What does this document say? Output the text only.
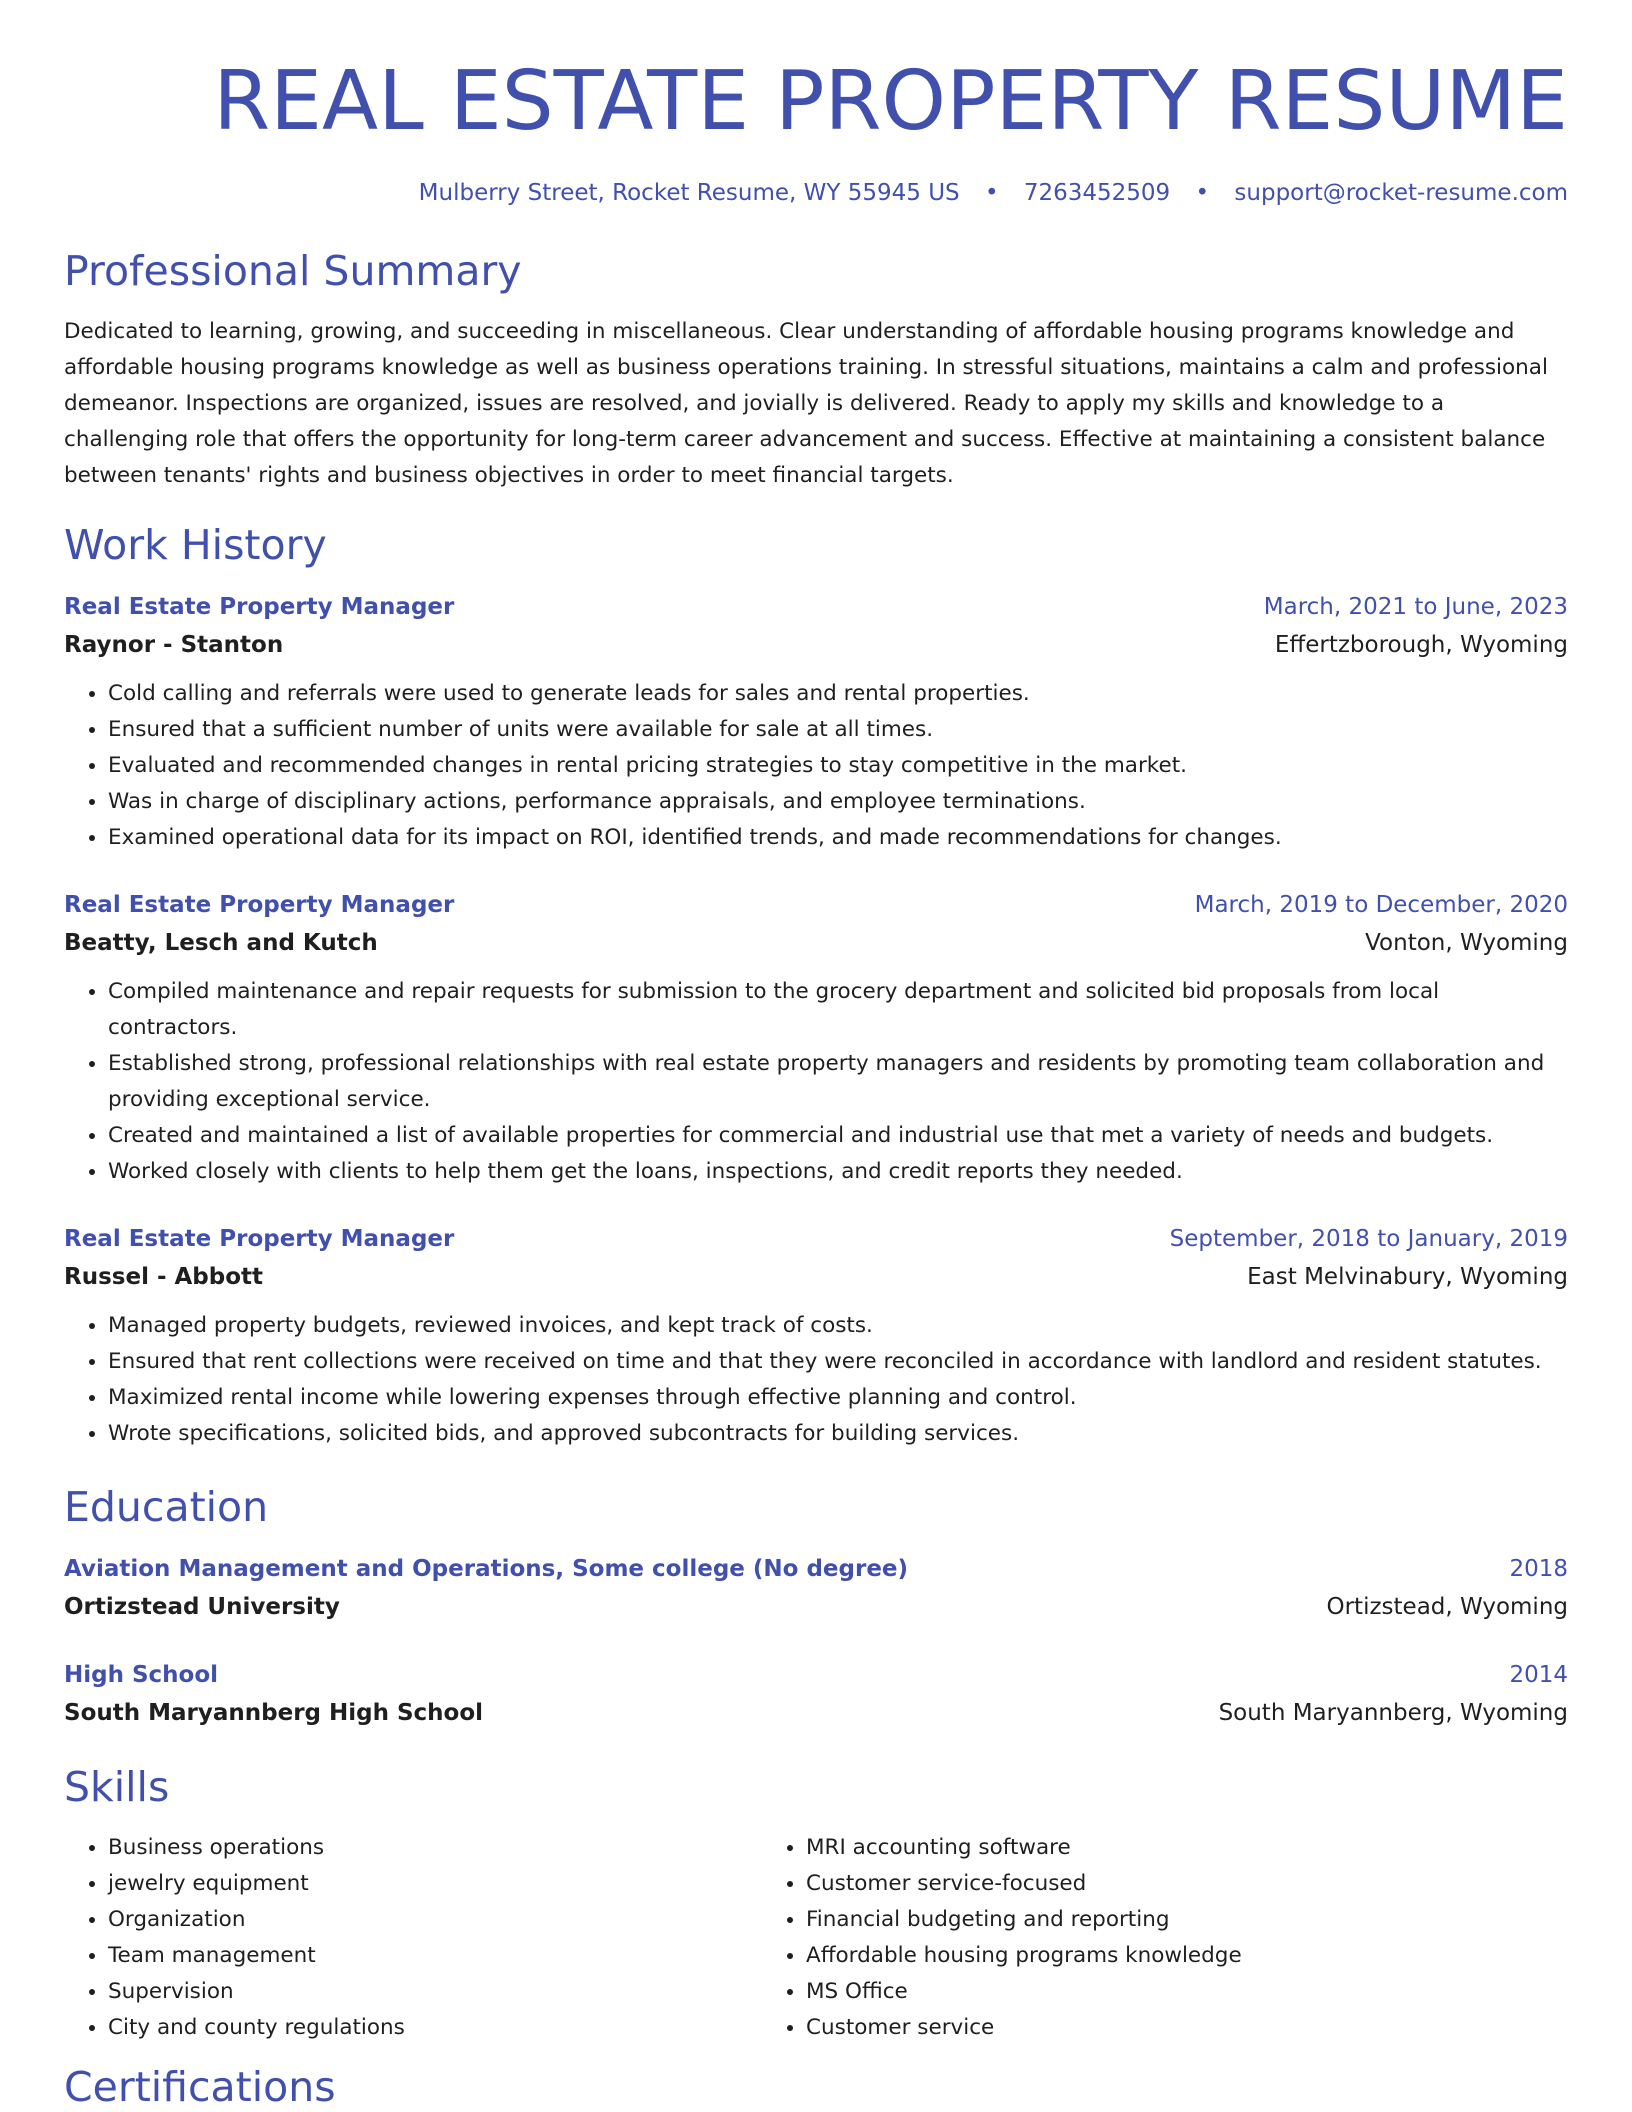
REAL ESTATE PROPERTY RESUME
Mulberry Street, Rocket Resume, WY 55945 US • 7263452509 • support@rocket-resume.com
Professional Summary
Dedicated to learning, growing, and succeeding in miscellaneous. Clear understanding of affordable housing programs knowledge and affordable housing programs knowledge as well as business operations training. In stressful situations, maintains a calm and professional demeanor. Inspections are organized, issues are resolved, and jovially is delivered. Ready to apply my skills and knowledge to a challenging role that offers the opportunity for long-term career advancement and success. Effective at maintaining a consistent balance between tenants' rights and business objectives in order to meet financial targets.
Work History
Real Estate Property Manager	March, 2021 to June, 2023
Raynor - Stanton	Effertzborough, Wyoming
• Cold calling and referrals were used to generate leads for sales and rental properties.
• Ensured that a sufficient number of units were available for sale at all times.
• Evaluated and recommended changes in rental pricing strategies to stay competitive in the market.
• Was in charge of disciplinary actions, performance appraisals, and employee terminations.
• Examined operational data for its impact on ROI, identified trends, and made recommendations for changes.
Real Estate Property Manager	March, 2019 to December, 2020
Beatty, Lesch and Kutch	Vonton, Wyoming
• Compiled maintenance and repair requests for submission to the grocery department and solicited bid proposals from local contractors.
• Established strong, professional relationships with real estate property managers and residents by promoting team collaboration and providing exceptional service.
• Created and maintained a list of available properties for commercial and industrial use that met a variety of needs and budgets.
• Worked closely with clients to help them get the loans, inspections, and credit reports they needed.
Real Estate Property Manager	September, 2018 to January, 2019
Russel - Abbott	East Melvinabury, Wyoming
• Managed property budgets, reviewed invoices, and kept track of costs.
• Ensured that rent collections were received on time and that they were reconciled in accordance with landlord and resident statutes.
• Maximized rental income while lowering expenses through effective planning and control.
• Wrote specifications, solicited bids, and approved subcontracts for building services.
Education
Aviation Management and Operations, Some college (No degree)	2018
Ortizstead University	Ortizstead, Wyoming
High School	2014
South Maryannberg High School	South Maryannberg, Wyoming
Skills
• Business operations
• jewelry equipment
• Organization
• Team management
• Supervision
• City and county regulations
• MRI accounting software
• Customer service-focused
• Financial budgeting and reporting
• Affordable housing programs knowledge
• MS Office
• Customer service
Certifications
